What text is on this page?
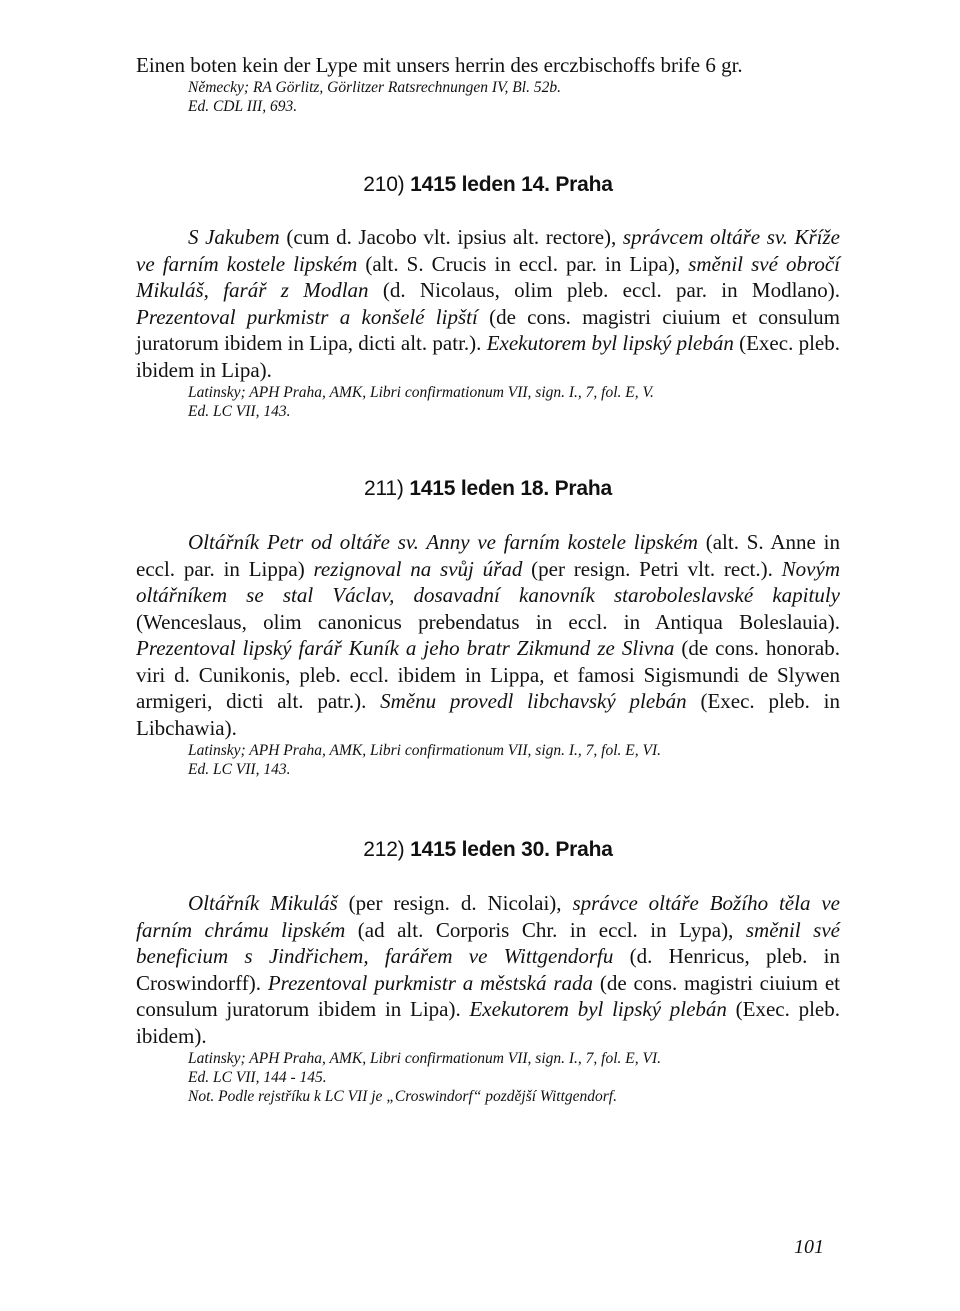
Einen boten kein der Lype mit unsers herrin des erczbischoffs brife 6 gr.
Německy; RA Görlitz, Görlitzer Ratsrechnungen IV, Bl. 52b.
Ed. CDL III, 693.
210) 1415 leden 14. Praha
S Jakubem (cum d. Jacobo vlt. ipsius alt. rectore), správcem oltáře sv. Kříže ve farním kostele lipském (alt. S. Crucis in eccl. par. in Lipa), směnil své obročí Mikuláš, farář z Modlan (d. Nicolaus, olim pleb. eccl. par. in Modlano). Prezentoval purkmistr a konšelé lipští (de cons. magistri ciuium et consulum juratorum ibidem in Lipa, dicti alt. patr.). Exekutorem byl lipský plebán (Exec. pleb. ibidem in Lipa).
Latinsky; APH Praha, AMK, Libri confirmationum VII, sign. I., 7, fol. E, V.
Ed. LC VII, 143.
211) 1415 leden 18. Praha
Oltářník Petr od oltáře sv. Anny ve farním kostele lipském (alt. S. Anne in eccl. par. in Lippa) rezignoval na svůj úřad (per resign. Petri vlt. rect.). Novým oltářníkem se stal Václav, dosavadní kanovník staroboleslavské kapituly (Wenceslaus, olim canonicus prebendatus in eccl. in Antiqua Boleslauia). Prezentoval lipský farář Kuník a jeho bratr Zikmund ze Slivna (de cons. honorab. viri d. Cunikonis, pleb. eccl. ibidem in Lippa, et famosi Sigismundi de Slywen armigeri, dicti alt. patr.). Směnu provedl libchavský plebán (Exec. pleb. in Libchawia).
Latinsky; APH Praha, AMK, Libri confirmationum VII, sign. I., 7, fol. E, VI.
Ed. LC VII, 143.
212) 1415 leden 30. Praha
Oltářník Mikuláš (per resign. d. Nicolai), správce oltáře Božího těla ve farním chrámu lipském (ad alt. Corporis Chr. in eccl. in Lypa), směnil své beneficium s Jindřichem, farářem ve Wittgendorfu (d. Henricus, pleb. in Croswindorff). Prezentoval purkmistr a městská rada (de cons. magistri ciuium et consulum juratorum ibidem in Lipa). Exekutorem byl lipský plebán (Exec. pleb. ibidem).
Latinsky; APH Praha, AMK, Libri confirmationum VII, sign. I., 7, fol. E, VI.
Ed. LC VII, 144 - 145.
Not. Podle rejstříku k LC VII je „Croswindorf“ pozdější Wittgendorf.
101
